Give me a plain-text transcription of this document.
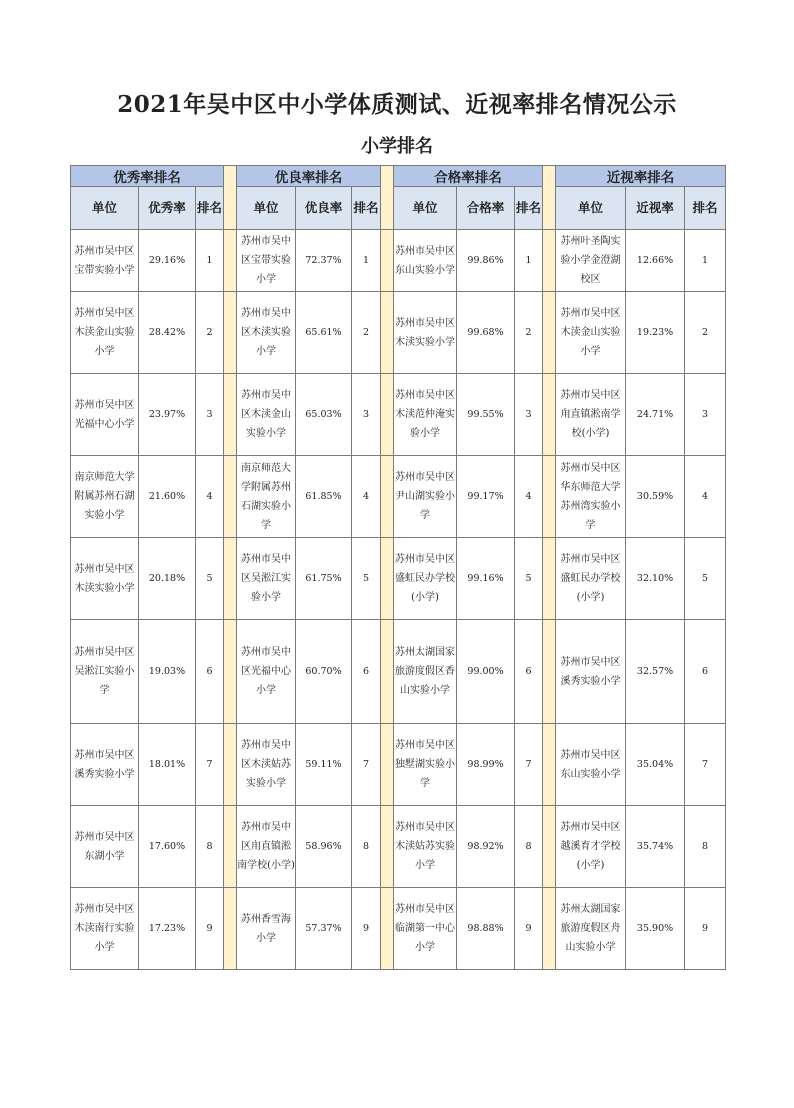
2021年吴中区中小学体质测试、近视率排名情况公示
小学排名
优秀率排名				优良率排名				合格率排名				近视率排名		
单位	优秀率	排名		单位	优良率	排名		单位	合格率	排名		单位	近视率	排名
苏州市吴中区宝带实验小学	29.16%	1		苏州市吴中区宝带实验小学	72.37%	1		苏州市吴中区东山实验小学	99.86%	1		苏州叶圣陶实验小学金澄湖校区	12.66%	1
苏州市吴中区木渎金山实验小学	28.42%	2		苏州市吴中区木渎实验小学	65.61%	2		苏州市吴中区木渎实验小学	99.68%	2		苏州市吴中区木渎金山实验小学	19.23%	2
苏州市吴中区光福中心小学	23.97%	3		苏州市吴中区木渎金山实验小学	65.03%	3		苏州市吴中区木渎范仲淹实验小学	99.55%	3		苏州市吴中区甪直镇淞南学校(小学)	24.71%	3
南京师范大学附属苏州石湖实验小学	21.60%	4		南京师范大学附属苏州石湖实验小学	61.85%	4		苏州市吴中区尹山湖实验小学	99.17%	4		苏州市吴中区华东师范大学苏州湾实验小学	30.59%	4
苏州市吴中区木渎实验小学	20.18%	5		苏州市吴中区吴淞江实验小学	61.75%	5		苏州市吴中区盛虹民办学校(小学)	99.16%	5		苏州市吴中区盛虹民办学校(小学)	32.10%	5
苏州市吴中区吴淞江实验小学	19.03%	6		苏州市吴中区光福中心小学	60.70%	6		苏州太湖国家旅游度假区香山实验小学	99.00%	6		苏州市吴中区溪秀实验小学	32.57%	6
苏州市吴中区溪秀实验小学	18.01%	7		苏州市吴中区木渎姑苏实验小学	59.11%	7		苏州市吴中区独墅湖实验小学	98.99%	7		苏州市吴中区东山实验小学	35.04%	7
苏州市吴中区东湖小学	17.60%	8		苏州市吴中区甪直镇淞南学校(小学)	58.96%	8		苏州市吴中区木渎姑苏实验小学	98.92%	8		苏州市吴中区越溪育才学校(小学)	35.74%	8
苏州市吴中区木渎南行实验小学	17.23%	9		苏州香雪海小学	57.37%	9		苏州市吴中区临湖第一中心小学	98.88%	9		苏州太湖国家旅游度假区舟山实验小学	35.90%	9
